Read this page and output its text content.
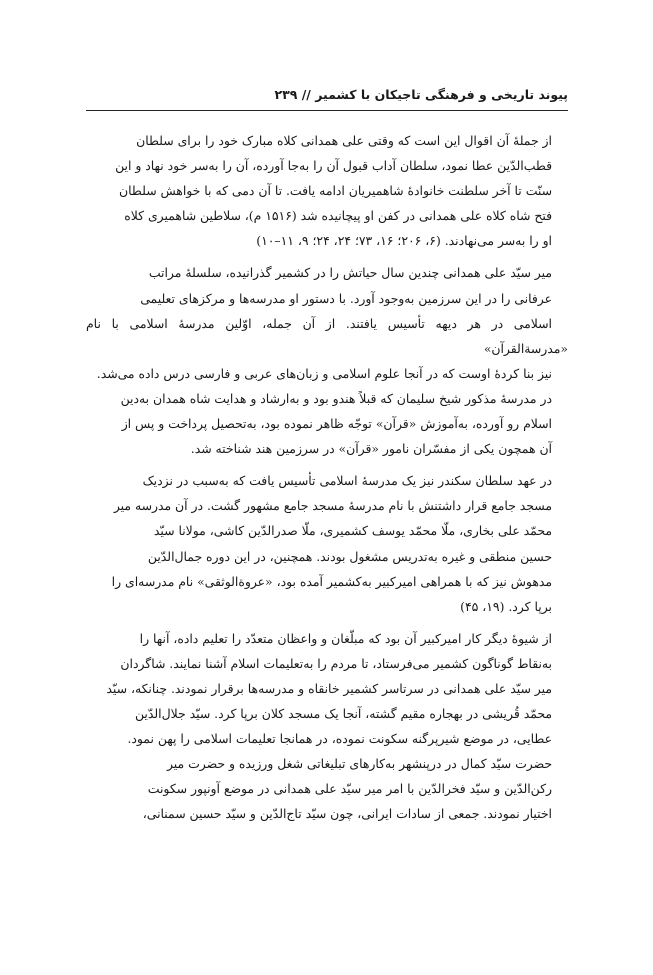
پیوند تاریخی و فرهنگی تاجیکان با کشمیر // ۲۳۹

از جملهٔ آن اقوال این است که وقتی علی همدانی کلاه مبارک خود را برای سلطان
قطب‌الدّین عطا نمود، سلطان آداب قبول آن را به‌جا آورده، آن را به‌سر خود نهاد و این
سنّت تا آخر سلطنت خانوادهٔ شاهمیریان ادامه یافت. تا آن دمی که با خواهش سلطان
فتح شاه کلاه علی همدانی در کفن او پیچانیده شد (۱۵۱۶ م)، سلاطین شاهمیری کلاه
او را به‌سر می‌نهادند. (۶، ۲۰۶؛ ۱۶، ۷۳؛ ۲۴، ۲۴؛ ۹، ۱۱–۱۰)

میر سیّد علی همدانی چندین سال حیاتش را در کشمیر گذرانیده، سلسلهٔ مراتب
عرفانی را در این سرزمین به‌وجود آورد. با دستور او مدرسه‌ها و مرکزهای تعلیمی
اسلامی در هر دیهه تأسیس یافتند. از آن جمله، اوّلین مدرسهٔ اسلامی با نام «مدرسةالقرآن»
نیز بنا کردهٔ اوست که در آنجا علوم اسلامی و زبان‌های عربی و فارسی درس داده می‌شد.
در مدرسهٔ مذکور شیخ سلیمان که قبلاً هندو بود و به‌ارشاد و هدایت شاه همدان به‌دین
اسلام رو آورده، به‌آموزش «قرآن» توجّه ظاهر نموده بود، به‌تحصیل پرداخت و پس از
آن همچون یکی از مفسّران نامور «قرآن» در سرزمین هند شناخته شد.

در عهد سلطان سکندر نیز یک مدرسهٔ اسلامی تأسیس یافت که به‌سبب در نزدیک
مسجد جامع قرار داشتنش با نام مدرسهٔ مسجد جامع مشهور گشت. در آن مدرسه میر
محمّد علی بخاری، ملّا محمّد یوسف کشمیری، ملّا صدرالدّین کاشی، مولانا سیّد
حسین منطقی و غیره به‌تدریس مشغول بودند. همچنین، در این دوره جمال‌الدّین
مدهوش نیز که با همراهی امیرکبیر به‌کشمیر آمده بود، «عروةالوثقی» نام مدرسه‌ای را
برپا کرد. (۱۹، ۴۵)

از شیوهٔ دیگر کار امیرکبیر آن بود که مبلّغان و واعظان متعدّد را تعلیم داده، آنها را
به‌نقاط گوناگون کشمیر می‌فرستاد، تا مردم را به‌تعلیمات اسلام آشنا نمایند. شاگردان
میر سیّد علی همدانی در سرتاسر کشمیر خانقاه و مدرسه‌ها برقرار نمودند. چنانکه، سیّد
محمّد قُریشی در بهجاره مقیم گشته، آنجا یک مسجد کلان برپا کرد. سیّد جلال‌الدّین
عطایی، در موضع شیرپرگنه سکونت نموده، در همانجا تعلیمات اسلامی را پهن نمود.
حضرت سیّد کمال در درپنشهر به‌کارهای تبلیغاتی شغل ورزیده و حضرت میر
رکن‌الدّین و سیّد فخرالدّین با امر میر سیّد علی همدانی در موضع آونپور سکونت
اختیار نمودند. جمعی از سادات ایرانی، چون سیّد تاج‌الدّین و سیّد حسین سمنانی،
